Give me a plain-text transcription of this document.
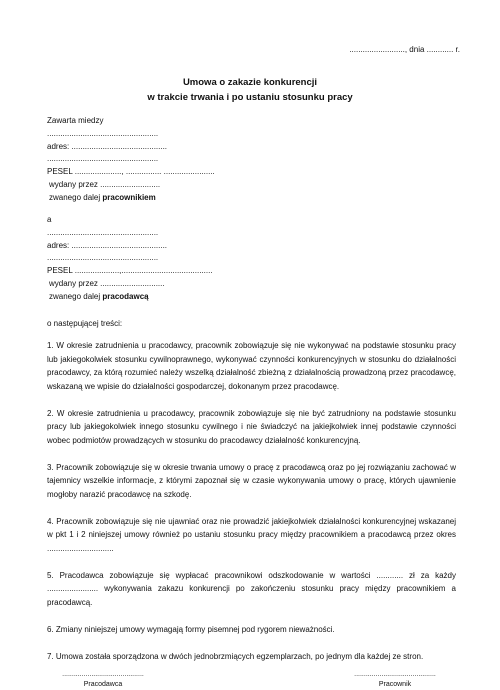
........................., dnia ............ r.
Umowa o zakazie konkurencji
w trakcie trwania i po ustaniu stosunku pracy
Zawarta miedzy
..................................................
adres: ...........................................
..................................................
PESEL ....................., ................ .......................
wydany przez ...........................
zwanego dalej pracownikiem
a
..................................................
adres: ...........................................
..................................................
PESEL ....................,.........................................
wydany przez .............................
zwanego dalej pracodawcą
o następującej treści:
1. W okresie zatrudnienia u pracodawcy, pracownik zobowiązuje się nie wykonywać na podstawie stosunku pracy lub jakiegokolwiek stosunku cywilnoprawnego, wykonywać czynności konkurencyjnych w stosunku do działalności pracodawcy, za którą rozumieć należy wszelką działalność zbieżną z działalnością prowadzoną przez pracodawcę, wskazaną we wpisie do działalności gospodarczej, dokonanym przez pracodawcę.
2. W okresie zatrudnienia u pracodawcy, pracownik zobowiązuje się nie być zatrudniony na podstawie stosunku pracy lub jakiegokolwiek innego stosunku cywilnego i nie świadczyć na jakiejkolwiek innej podstawie czynności wobec podmiotów prowadzących w stosunku do pracodawcy działalność konkurencyjną.
3. Pracownik zobowiązuje się w okresie trwania umowy o pracę z pracodawcą oraz po jej rozwiązaniu zachować w tajemnicy wszelkie informacje, z którymi zapoznał się w czasie wykonywania umowy o pracę, których ujawnienie mogłoby narazić pracodawcę na szkodę.
4. Pracownik zobowiązuje się nie ujawniać oraz nie prowadzić jakiejkolwiek działalności konkurencyjnej wskazanej w pkt 1 i 2 niniejszej umowy również po ustaniu stosunku pracy między pracownikiem a pracodawcą przez okres ..............................
5. Pracodawca zobowiązuje się wypłacać pracownikowi odszkodowanie w wartości ............ zł za każdy ....................... wykonywania zakazu konkurencji po zakończeniu stosunku pracy między pracownikiem a pracodawcą.
6. Zmiany niniejszej umowy wymagają formy pisemnej pod rygorem nieważności.
7. Umowa została sporządzona w dwóch jednobrzmiących egzemplarzach, po jednym dla każdej ze stron.
..........................................
Pracodawca
..........................................
Pracownik
